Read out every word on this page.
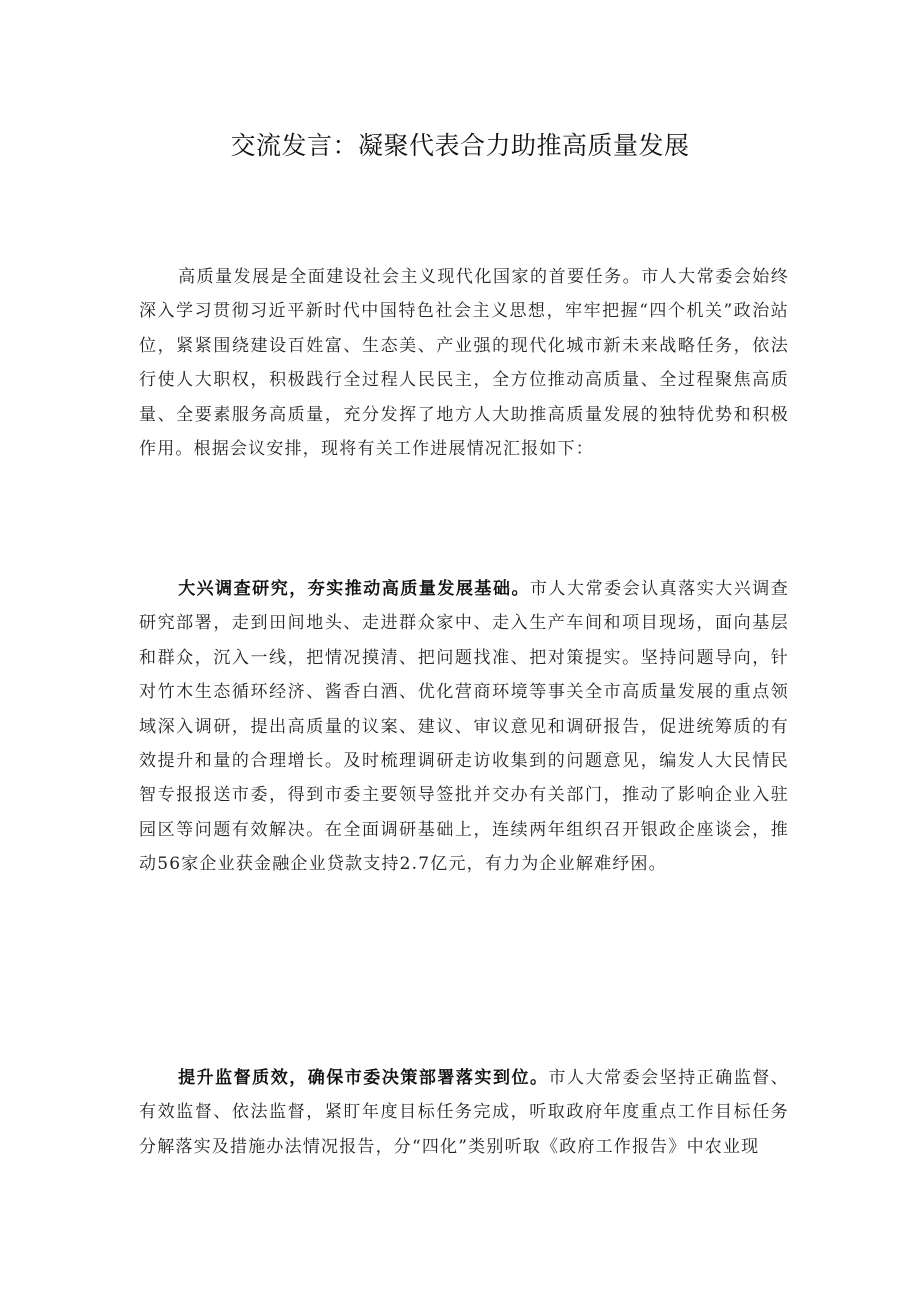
交流发言：凝聚代表合力助推高质量发展

高质量发展是全面建设社会主义现代化国家的首要任务。市人大常委会始终深入学习贯彻习近平新时代中国特色社会主义思想，牢牢把握“四个机关”政治站位，紧紧围绕建设百姓富、生态美、产业强的现代化城市新未来战略任务，依法行使人大职权，积极践行全过程人民民主，全方位推动高质量、全过程聚焦高质量、全要素服务高质量，充分发挥了地方人大助推高质量发展的独特优势和积极作用。根据会议安排，现将有关工作进展情况汇报如下：

大兴调查研究，夯实推动高质量发展基础。市人大常委会认真落实大兴调查研究部署，走到田间地头、走进群众家中、走入生产车间和项目现场，面向基层和群众，沉入一线，把情况摸清、把问题找准、把对策提实。坚持问题导向，针对竹木生态循环经济、酱香白酒、优化营商环境等事关全市高质量发展的重点领域深入调研，提出高质量的议案、建议、审议意见和调研报告，促进统筹质的有效提升和量的合理增长。及时梳理调研走访收集到的问题意见，编发人大民情民智专报报送市委，得到市委主要领导签批并交办有关部门，推动了影响企业入驻园区等问题有效解决。在全面调研基础上，连续两年组织召开银政企座谈会，推动56家企业获金融企业贷款支持2.7亿元，有力为企业解难纾困。

提升监督质效，确保市委决策部署落实到位。市人大常委会坚持正确监督、有效监督、依法监督，紧盯年度目标任务完成，听取政府年度重点工作目标任务分解落实及措施办法情况报告，分“四化”类别听取《政府工作报告》中农业现
